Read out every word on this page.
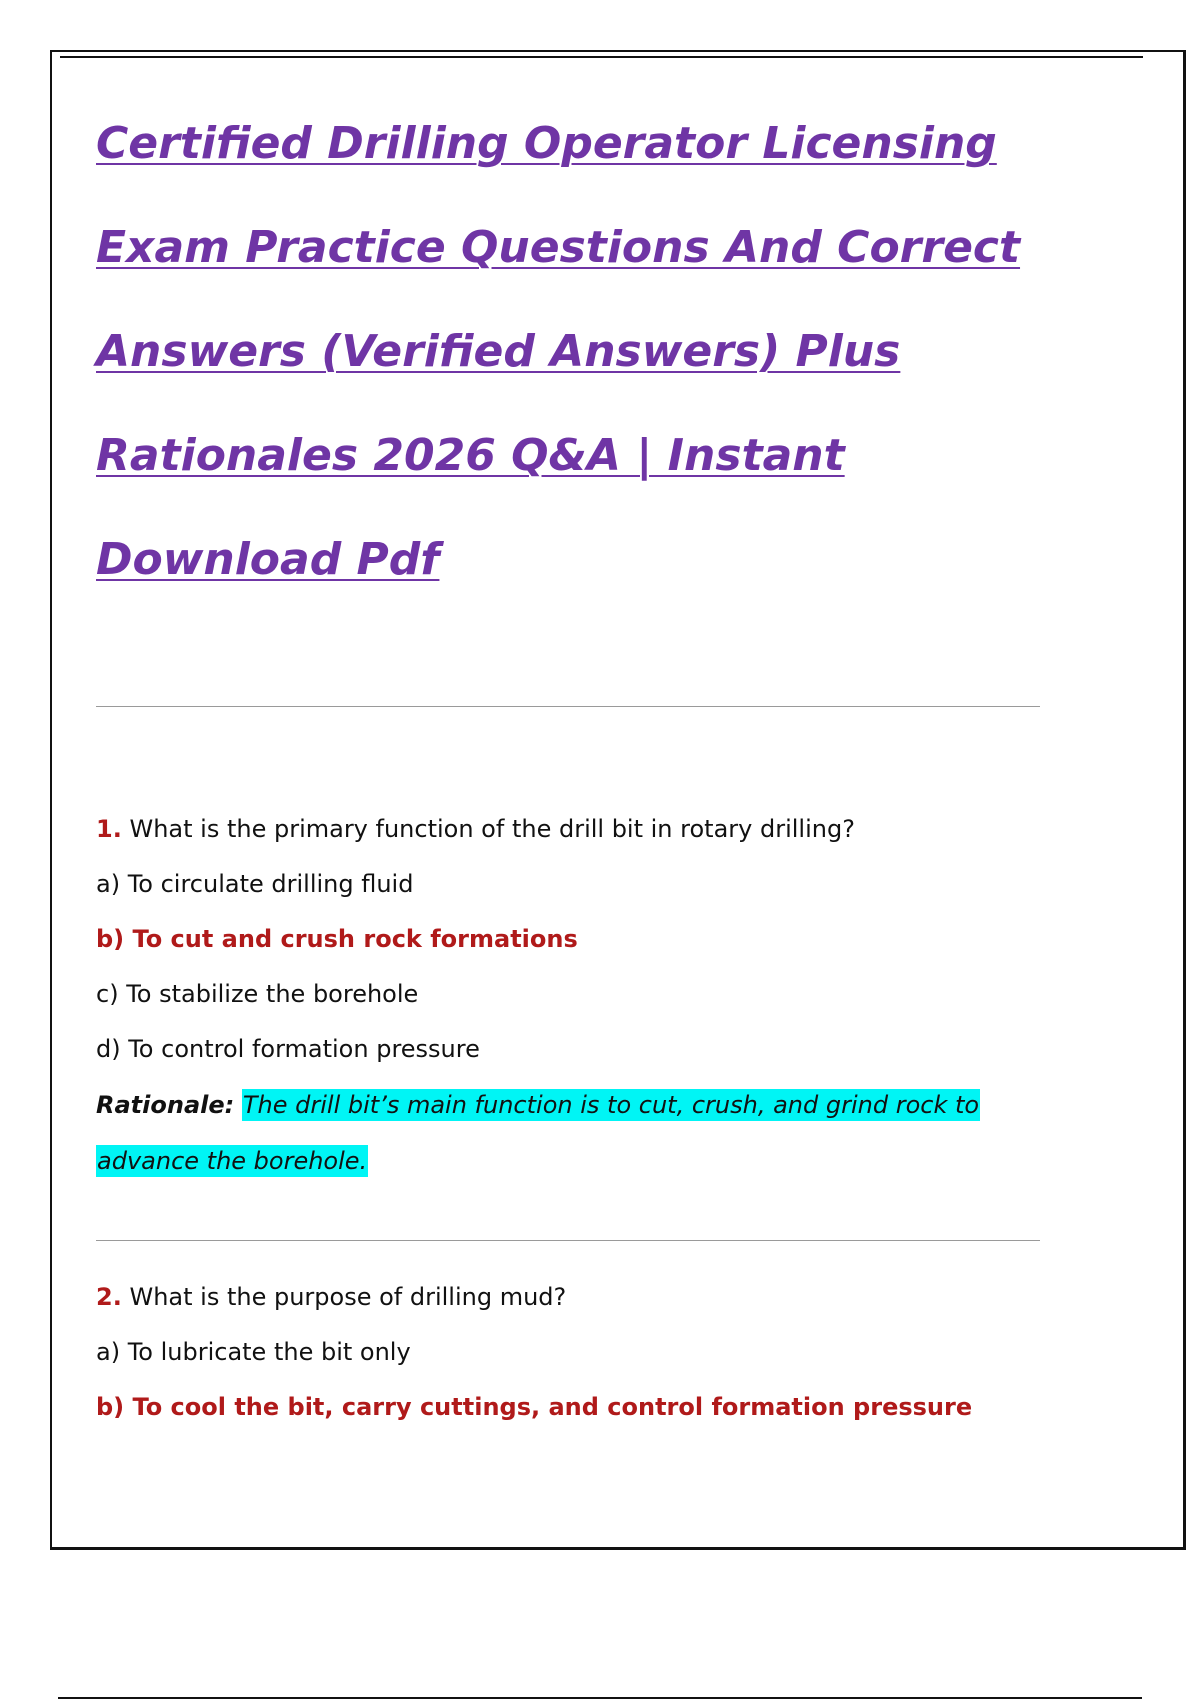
Certified Drilling Operator Licensing
Exam Practice Questions And Correct
Answers (Verified Answers) Plus
Rationales 2026 Q&A | Instant
Download Pdf
1. What is the primary function of the drill bit in rotary drilling?
a) To circulate drilling fluid
b) To cut and crush rock formations
c) To stabilize the borehole
d) To control formation pressure
Rationale: The drill bit’s main function is to cut, crush, and grind rock to
advance the borehole.
2. What is the purpose of drilling mud?
a) To lubricate the bit only
b) To cool the bit, carry cuttings, and control formation pressure
